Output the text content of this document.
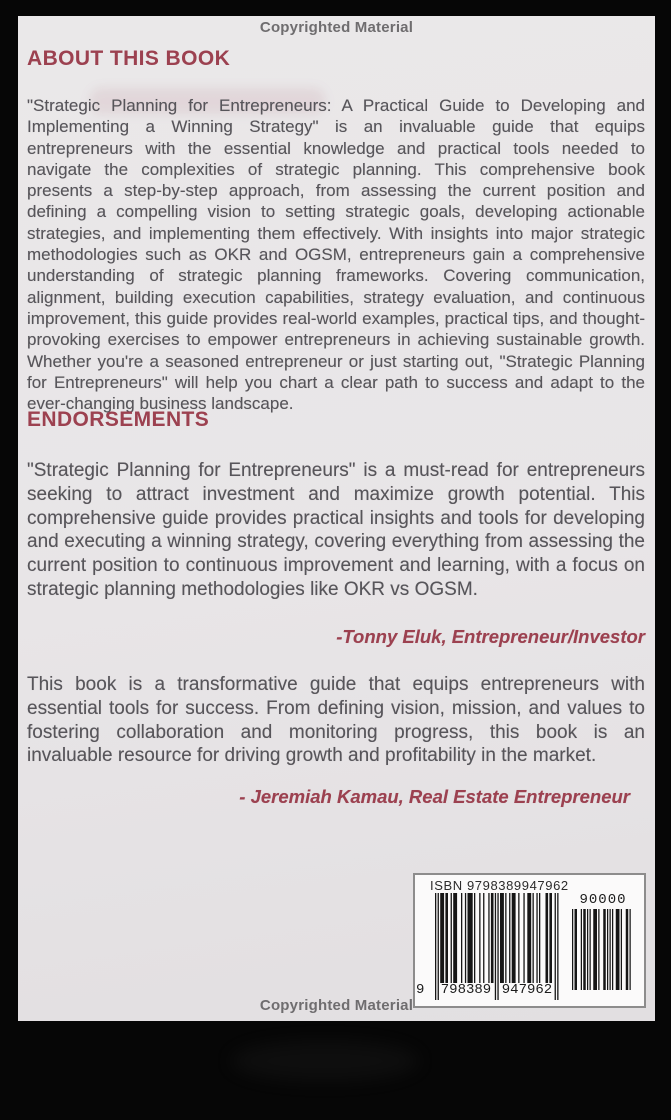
Copyrighted Material
ABOUT THIS BOOK

"Strategic Planning for Entrepreneurs: A Practical Guide to Developing and Implementing a Winning Strategy" is an invaluable guide that equips entrepreneurs with the essential knowledge and practical tools needed to navigate the complexities of strategic planning. This comprehensive book presents a step-by-step approach, from assessing the current position and defining a compelling vision to setting strategic goals, developing actionable strategies, and implementing them effectively. With insights into major strategic methodologies such as OKR and OGSM, entrepreneurs gain a comprehensive understanding of strategic planning frameworks. Covering communication, alignment, building execution capabilities, strategy evaluation, and continuous improvement, this guide provides real-world examples, practical tips, and thought-provoking exercises to empower entrepreneurs in achieving sustainable growth. Whether you're a seasoned entrepreneur or just starting out, "Strategic Planning for Entrepreneurs" will help you chart a clear path to success and adapt to the ever-changing business landscape.

ENDORSEMENTS

"Strategic Planning for Entrepreneurs" is a must-read for entrepreneurs seeking to attract investment and maximize growth potential. This comprehensive guide provides practical insights and tools for developing and executing a winning strategy, covering everything from assessing the current position to continuous improvement and learning, with a focus on strategic planning methodologies like OKR vs OGSM.

-Tonny Eluk, Entrepreneur/Investor

This book is a transformative guide that equips entrepreneurs with essential tools for success. From defining vision, mission, and values to fostering collaboration and monitoring progress, this book is an invaluable resource for driving growth and profitability in the market.

- Jeremiah Kamau, Real Estate Entrepreneur

ISBN 9798389947962
9 798389 947962
90000
Copyrighted Material
